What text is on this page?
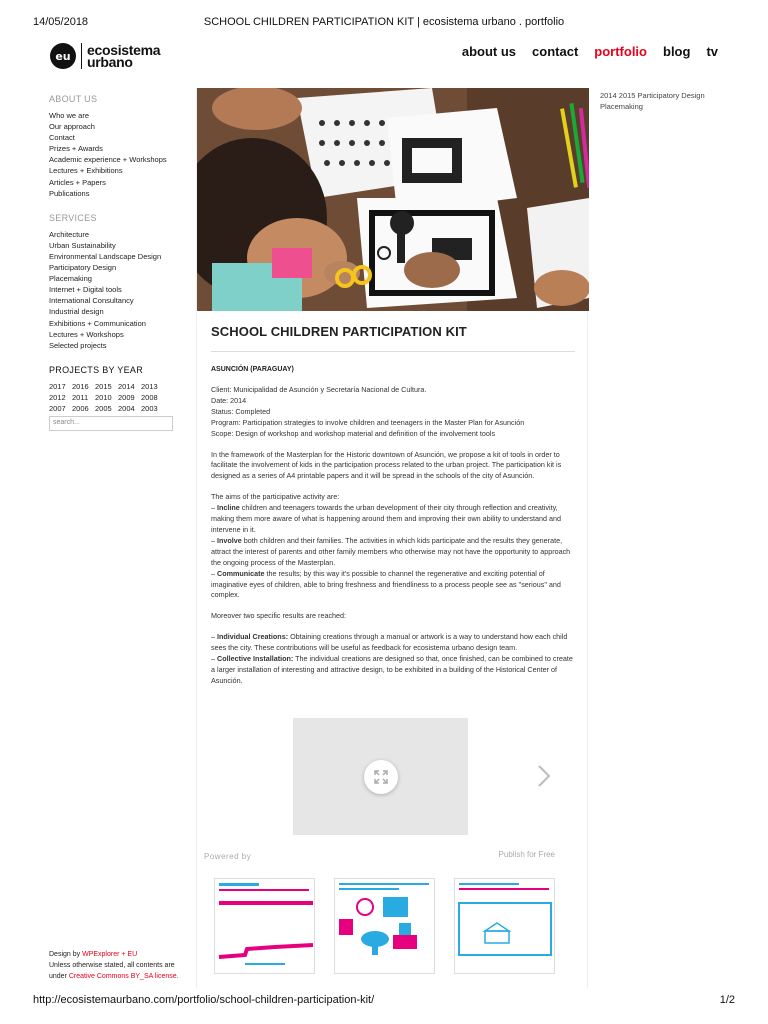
14/05/2018	SCHOOL CHILDREN PARTICIPATION KIT | ecosistema urbano . portfolio
eu	ecosistema
urbano
about us contact portfolio blog tv
ABOUT US
Who we are
Our approach
Contact
Prizes + Awards
Academic experience + Workshops
Lectures + Exhibitions
Articles + Papers
Publications
SERVICES
Architecture
Urban Sustainability
Environmental Landscape Design
Participatory Design
Placemaking
Internet + Digital tools
International Consultancy
Industrial design
Exhibitions + Communication
Lectures + Workshops
Selected projects
PROJECTS BY YEAR
2017 2016 2015 2014 2013
2012 2011 2010 2009 2008
2007 2006 2005 2004 2003
search...
Design by WPExplorer + EU
Unless otherwise stated, all contents are
under Creative Commons BY_SA license.
2014 2015 Participatory Design Placemaking
SCHOOL CHILDREN PARTICIPATION KIT
ASUNCIÓN (PARAGUAY)
Client: Municipalidad de Asunción y Secretaría Nacional de Cultura.
Date: 2014
Status: Completed
Program: Participation strategies to involve children and teenagers in the Master Plan for Asunción
Scope: Design of workshop and workshop material and definition of the involvement tools

In the framework of the Masterplan for the Historic downtown of Asunción, we propose a kit of tools in order to facilitate the involvement of kids in the participation process related to the urban project. The participation kit is designed as a series of A4 printable papers and it will be spread in the schools of the city of Asunción.

The aims of the participative activity are:
– Incline children and teenagers towards the urban development of their city through reflection and creativity, making them more aware of what is happening around them and improving their own ability to understand and intervene in it.
– Involve both children and their families. The activities in which kids participate and the results they generate, attract the interest of parents and other family members who otherwise may not have the opportunity to approach the ongoing process of the Masterplan.
– Communicate the results; by this way it's possible to channel the regenerative and exciting potential of imaginative eyes of children, able to bring freshness and friendliness to a process people see as "serious" and complex.

Moreover two specific results are reached:

– Individual Creations: Obtaining creations through a manual or artwork is a way to understand how each child sees the city. These contributions will be useful as feedback for ecosistema urbano design team.
– Collective Installation: The individual creations are designed so that, once finished, can be combined to create a larger installation of interesting and attractive design, to be exhibited in a building of the Historical Center of Asunción.
Powered by	Publish for Free
http://ecosistemaurbano.com/portfolio/school-children-participation-kit/	1/2
